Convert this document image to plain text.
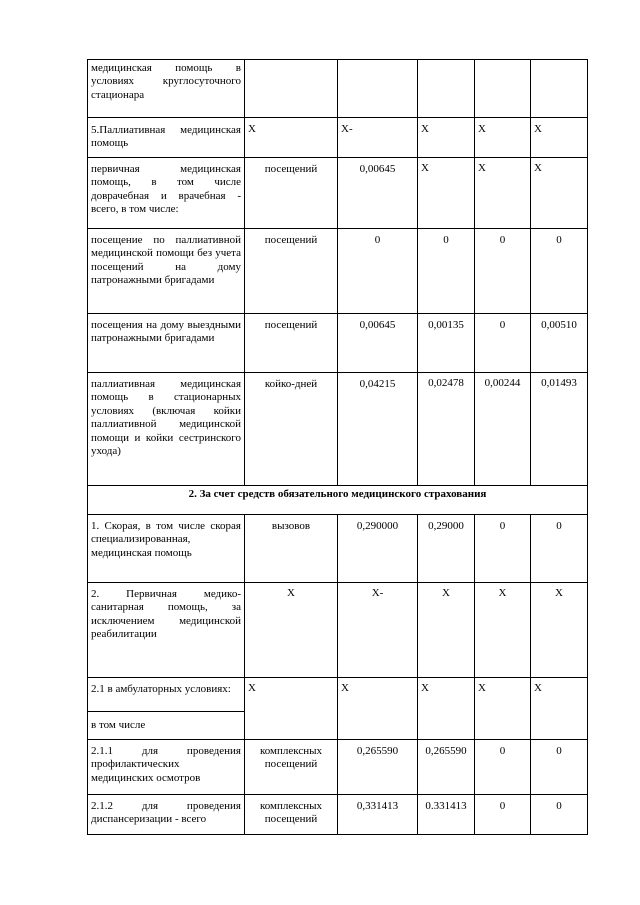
медицинская помощь в условиях круглосуточного стационара					
5.Паллиативная медицинская помощь	Х	Х-	Х	Х	Х
первичная медицинская помощь, в том числе доврачебная и врачебная - всего, в том числе:	посещений	0,00645	Х	Х	Х
посещение по паллиативной медицинской помощи без учета посещений на дому патронажными бригадами	посещений	0	0	0	0
посещения на дому выездными патронажными бригадами	посещений	0,00645	0,00135	0	0,00510
паллиативная медицинская помощь в стационарных условиях (включая койки паллиативной медицинской помощи и койки сестринского ухода)	койко-дней	0,04215	0,02478	0,00244	0,01493
2. За счет средств обязательного медицинского страхования					
1. Скорая, в том числе скорая специализированная, медицинская помощь	вызовов	0,290000	0,29000	0	0
2. Первичная медико-санитарная помощь, за исключением медицинской реабилитации	Х	Х-	Х	Х	Х
2.1 в амбулаторных условиях:	Х	Х	Х	Х	Х
в том числе					
2.1.1 для проведения профилактических медицинских осмотров	комплексных посещений	0,265590	0,265590	0	0
2.1.2 для проведения диспансеризации - всего	комплексных посещений	0,331413	0.331413	0	0
